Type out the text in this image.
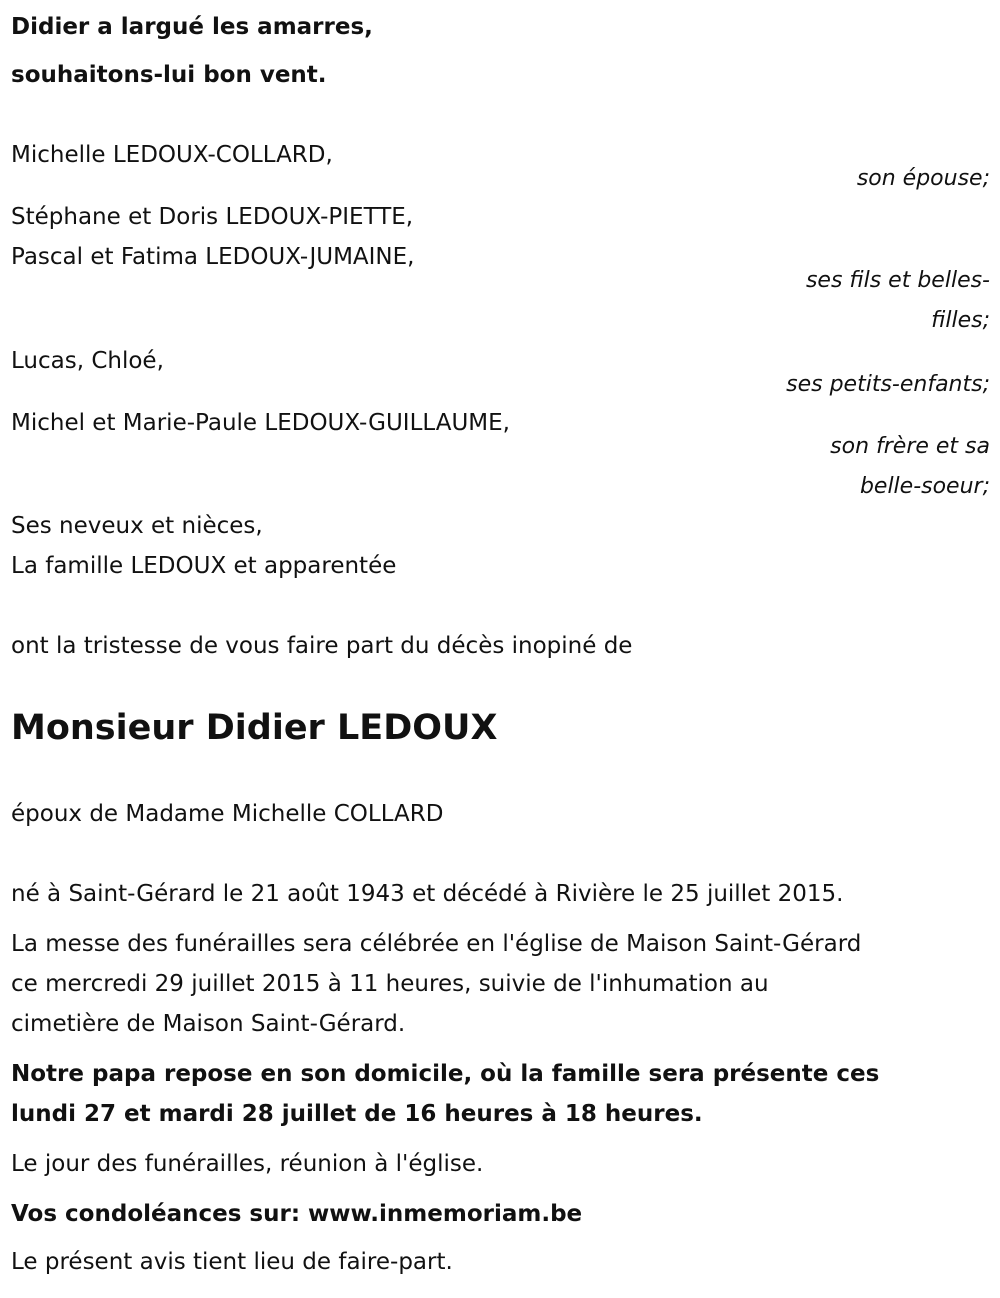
Didier a largué les amarres,

souhaitons-lui bon vent.

Michelle LEDOUX-COLLARD,

son épouse;

Stéphane et Doris LEDOUX-PIETTE,

Pascal et Fatima LEDOUX-JUMAINE,

ses fils et belles-

filles;

Lucas, Chloé,

ses petits-enfants;

Michel et Marie-Paule LEDOUX-GUILLAUME,

son frère et sa

belle-soeur;

Ses neveux et nièces,

La famille LEDOUX et apparentée

ont la tristesse de vous faire part du décès inopiné de

Monsieur Didier LEDOUX

époux de Madame Michelle COLLARD

né à Saint-Gérard le 21 août 1943 et décédé à Rivière le 25 juillet 2015.

La messe des funérailles sera célébrée en l'église de Maison Saint-Gérard

ce mercredi 29 juillet 2015 à 11 heures, suivie de l'inhumation au

cimetière de Maison Saint-Gérard.

Notre papa repose en son domicile, où la famille sera présente ces

lundi 27 et mardi 28 juillet de 16 heures à 18 heures.

Le jour des funérailles, réunion à l'église.

Vos condoléances sur: www.inmemoriam.be

Le présent avis tient lieu de faire-part.
